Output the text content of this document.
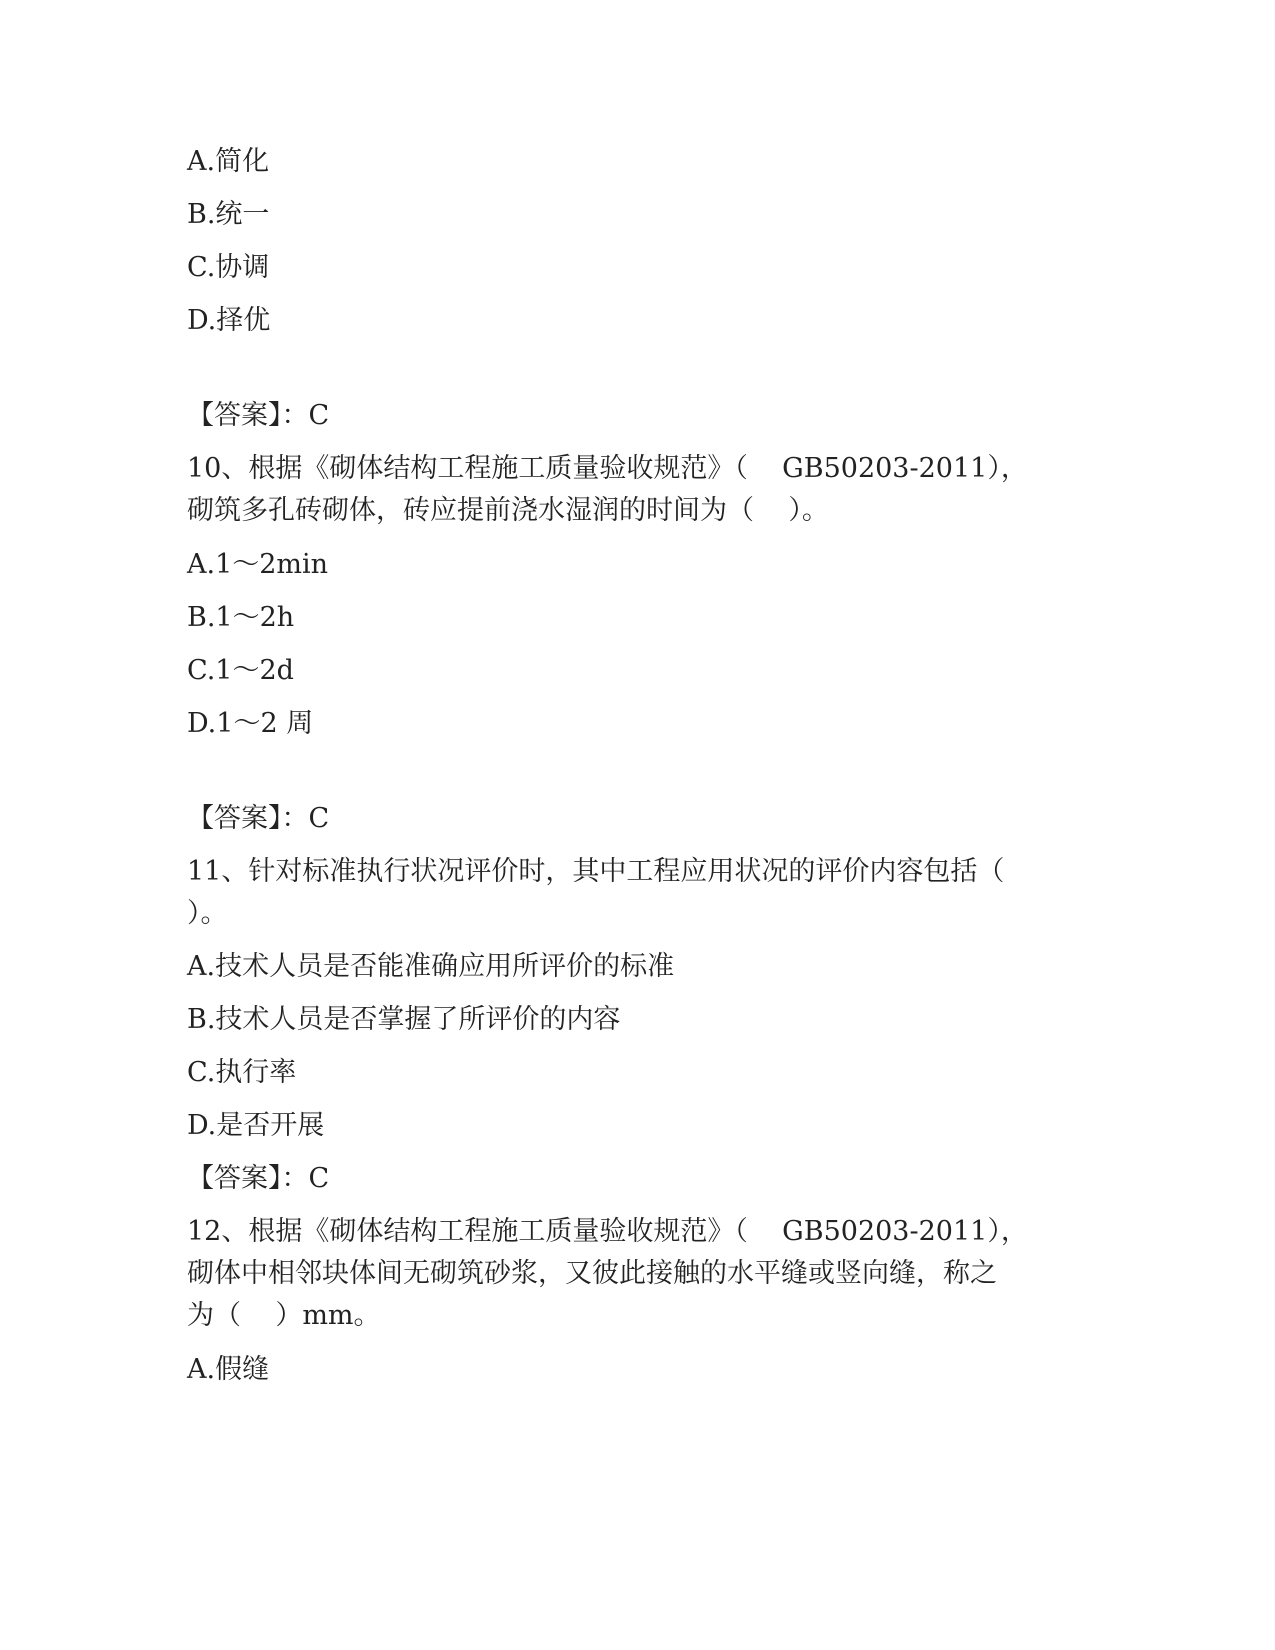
A.简化
B.统一
C.协调
D.择优
【答案】：C
10、根据《砌体结构工程施工质量验收规范》（    GB50203-2011），
砌筑多孔砖砌体，砖应提前浇水湿润的时间为（    ）。
A.1～2min
B.1～2h
C.1～2d
D.1～2 周
【答案】：C
11、针对标准执行状况评价时，其中工程应用状况的评价内容包括（
）。
A.技术人员是否能准确应用所评价的标准
B.技术人员是否掌握了所评价的内容
C.执行率
D.是否开展
【答案】：C
12、根据《砌体结构工程施工质量验收规范》（    GB50203-2011），
砌体中相邻块体间无砌筑砂浆，又彼此接触的水平缝或竖向缝，称之
为（    ）mm。
A.假缝
